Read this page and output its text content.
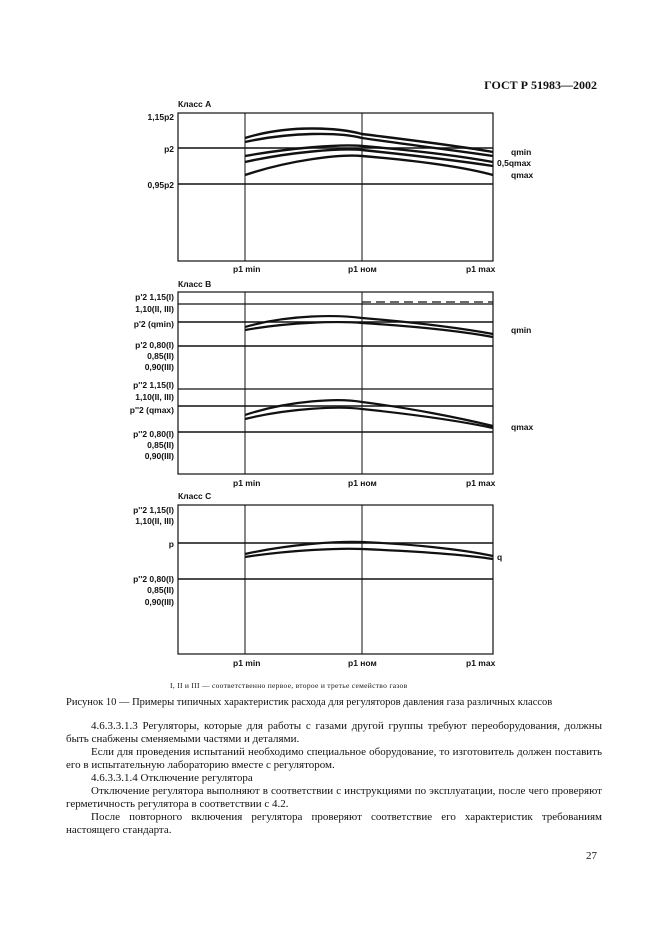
ГОСТ Р 51983—2002
Класс А
1,15p2
p2
0,95p2
qmin
0,5qmax
qmax
p1 min	p1 ном	p1 max
Класс В
p'2 1,15(I)
1,10(II, III)
p'2 (qmin)
p'2 0,80(I)
0,85(II)
0,90(III)
p''2 1,15(I)
1,10(II, III)
p''2 (qmax)
p''2 0,80(I)
0,85(II)
0,90(III)
qmin
qmax
p1 min	p1 ном	p1 max
Класс С
p''2 1,15(I)
1,10(II, III)
p
p''2 0,80(I)
0,85(II)
0,90(III)
q
p1 min	p1 ном	p1 max
I, II и III — соответственно первое, второе и третье семейство газов
Рисунок 10 — Примеры типичных характеристик расхода для регуляторов давления газа различных классов

4.6.3.3.1.3 Регуляторы, которые для работы с газами другой группы требуют переоборудования, должны быть снабжены сменяемыми частями и деталями.

Если для проведения испытаний необходимо специальное оборудование, то изготовитель должен поставить его в испытательную лабораторию вместе с регулятором.

4.6.3.3.1.4 Отключение регулятора

Отключение регулятора выполняют в соответствии с инструкциями по эксплуатации, после чего проверяют герметичность регулятора в соответствии с 4.2.

После повторного включения регулятора проверяют соответствие его характеристик требованиям настоящего стандарта.

27
